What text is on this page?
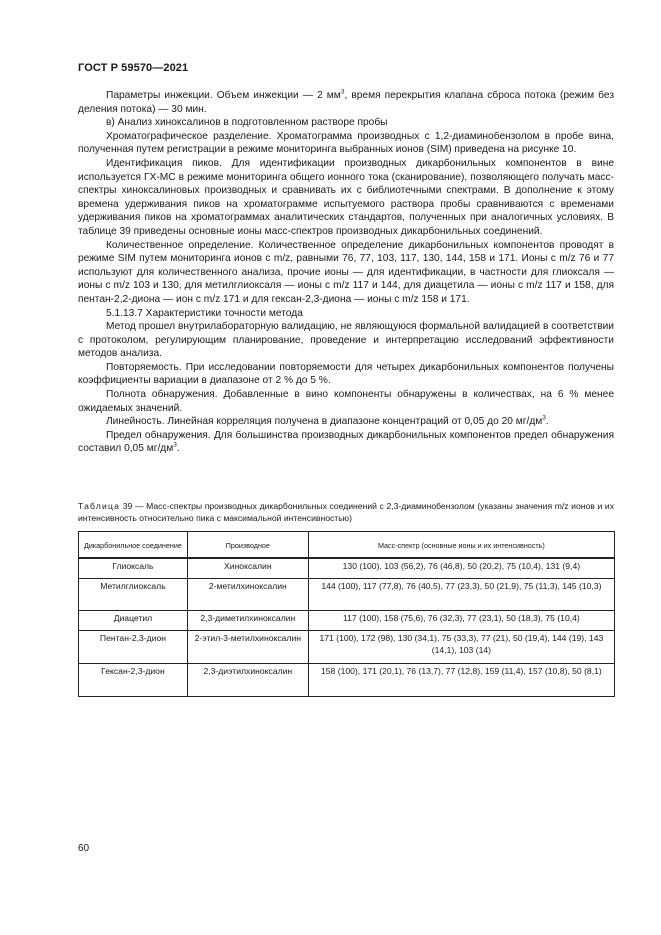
ГОСТ Р 59570—2021

Параметры инжекции. Объем инжекции — 2 $мм^3$, время перекрытия клапана сброса потока (режим без деления потока) — 30 мин.

в) Анализ хиноксалинов в подготовленном растворе пробы

Хроматографическое разделение. Хроматограмма производных с 1,2-диаминобензолом в пробе вина, полученная путем регистрации в режиме мониторинга выбранных ионов (SIM) приведена на рисунке 10.

Идентификация пиков. Для идентификации производных дикарбонильных компонентов в вине используется ГХ-МС в режиме мониторинга общего ионного тока (сканирование), позволяющего получать масс-спектры хиноксалиновых производных и сравнивать их с библиотечными спектрами. В дополнение к этому времена удерживания пиков на хроматограмме испытуемого раствора пробы сравниваются с временами удерживания пиков на хроматограммах аналитических стандартов, полученных при аналогичных условиях. В таблице 39 приведены основные ионы масс-спектров производных дикарбонильных соединений.

Количественное определение. Количественное определение дикарбонильных компонентов проводят в режиме SIM путем мониторинга ионов с m/z, равными 76, 77, 103, 117, 130, 144, 158 и 171. Ионы с m/z 76 и 77 используют для количественного анализа, прочие ионы — для идентификации, в частности для глиоксаля — ионы с m/z 103 и 130, для метилглиоксаля — ионы с m/z 117 и 144, для диацетила — ионы с m/z 117 и 158, для пентан-2,2-диона — ион с m/z 171 и для гексан-2,3-диона — ионы с m/z 158 и 171.

5.1.13.7 Характеристики точности метода

Метод прошел внутрилабораторную валидацию, не являющуюся формальной валидацией в соответствии с протоколом, регулирующим планирование, проведение и интерпретацию исследований эффективности методов анализа.

Повторяемость. При исследовании повторяемости для четырех дикарбонильных компонентов получены коэффициенты вариации в диапазоне от 2 % до 5 %.

Полнота обнаружения. Добавленные в вино компоненты обнаружены в количествах, на 6 % менее ожидаемых значений.

Линейность. Линейная корреляция получена в диапазоне концентраций от 0,05 до 20 $мг/дм^3$.

Предел обнаружения. Для большинства производных дикарбонильных компонентов предел обнаружения составил 0,05 $мг/дм^3$.

Таблица 39 — Масс-спектры производных дикарбонильных соединений с 2,3-диаминобензолом (указаны значения m/z ионов и их интенсивность относительно пика с максимальной интенсивностью)
Дикарбонильное соединение	Производное	Масс-спектр (основные ионы и их интенсивность)
Глиоксаль	Хиноксалин	130 (100), 103 (56,2), 76 (46,8), 50 (20,2), 75 (10,4), 131 (9,4)
Метилглиоксаль	2-метилхиноксалин	144 (100), 117 (77,8), 76 (40,5), 77 (23,3), 50 (21,9), 75 (11,3), 145 (10,3)
Диацетил	2,3-диметилхиноксалин	117 (100), 158 (75,6), 76 (32,3), 77 (23,1), 50 (18,3), 75 (10,4)
Пентан-2,3-дион	2-этил-3-метилхиноксалин	171 (100), 172 (98), 130 (34,1), 75 (33,3), 77 (21), 50 (19,4), 144 (19), 143 (14,1), 103 (14)
Гексан-2,3-дион	2,3-диэтилхиноксалин	158 (100), 171 (20,1), 76 (13,7), 77 (12,8), 159 (11,4), 157 (10,8), 50 (8,1)
60
